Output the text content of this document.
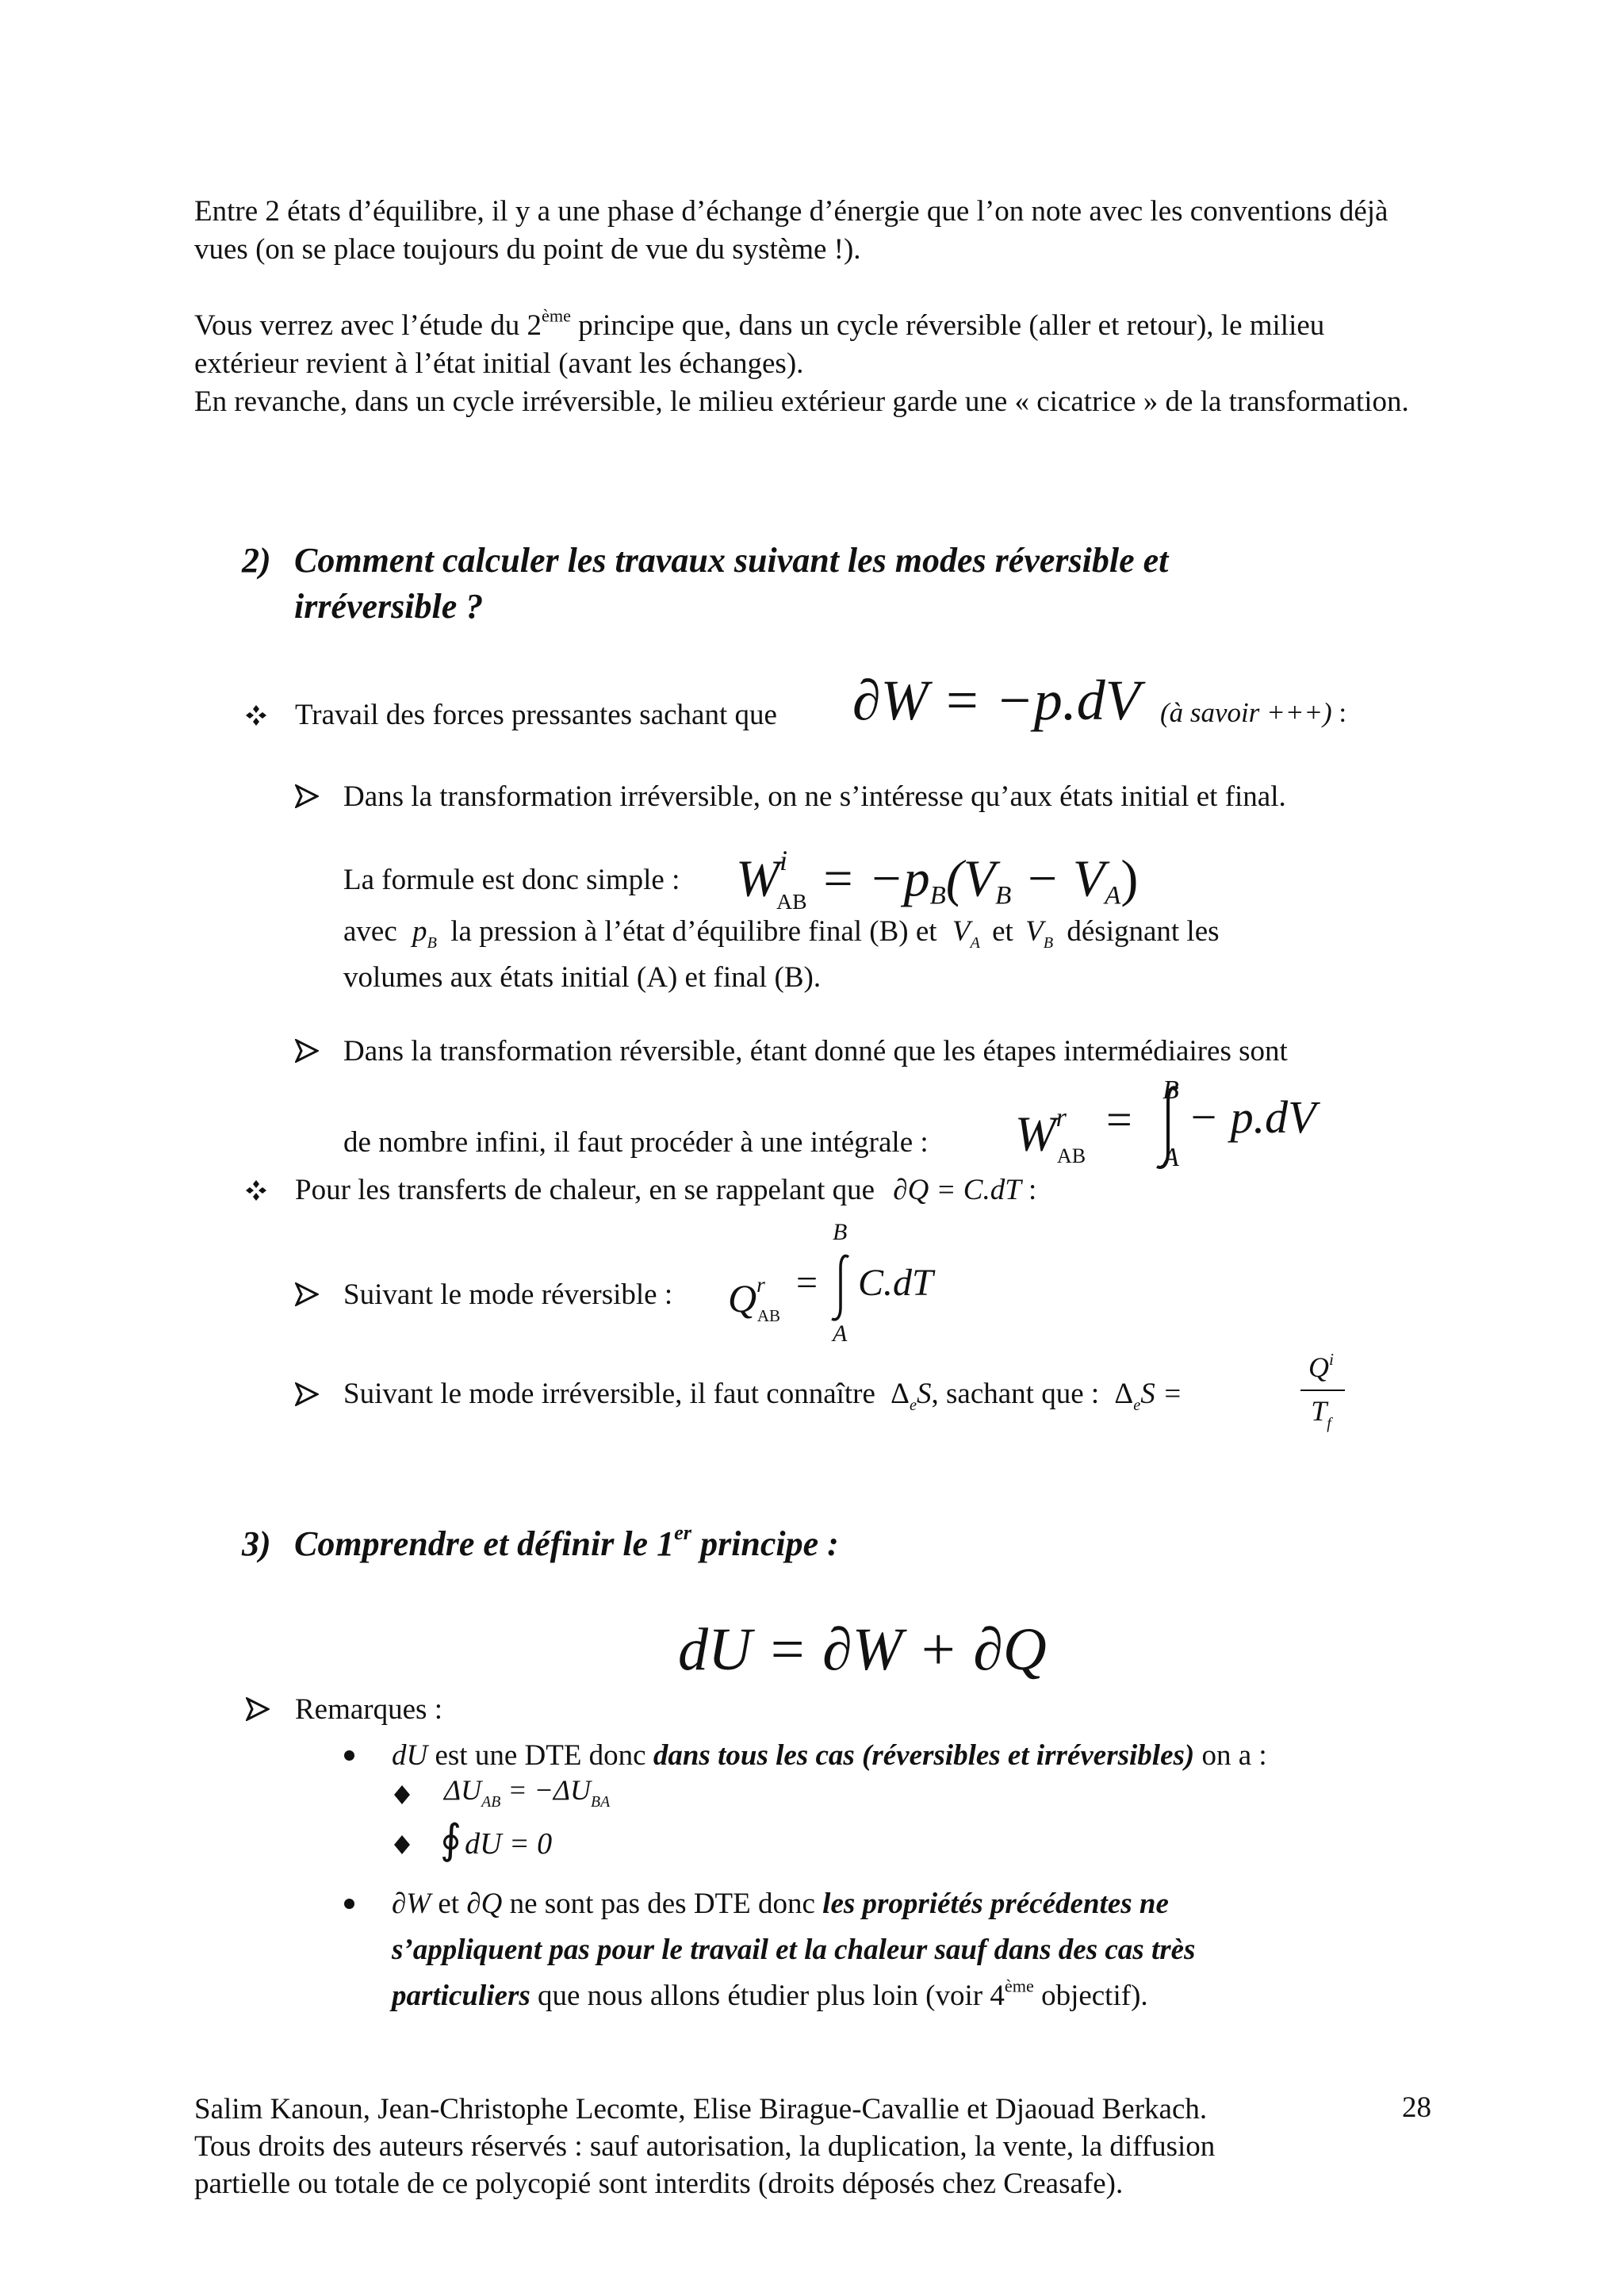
Entre 2 états d’équilibre, il y a une phase d’échange d’énergie que l’on note avec les conventions déjà vues (on se place toujours du point de vue du système !).
Vous verrez avec l’étude du 2ème principe que, dans un cycle réversible (aller et retour), le milieu extérieur revient à l’état initial (avant les échanges).
En revanche, dans un cycle irréversible, le milieu extérieur garde une « cicatrice » de la transformation.
2) Comment calculer les travaux suivant les modes réversible et
irréversible ?
Travail des forces pressantes sachant que ∂W = −p.dV (à savoir +++) :
Dans la transformation irréversible, on ne s’intéresse qu’aux états initial et final.
La formule est donc simple : $W^i_{AB} = -pB(VB - VA)$
avec $p_B$ la pression à l’état d’équilibre final (B) et $V_A$ et $V_B$ désignant les
volumes aux états initial (A) et final (B).
Dans la transformation réversible, étant donné que les étapes intermédiaires sont
de nombre infini, il faut procéder à une intégrale : $W^r_{AB}$
=
B
A
− p.dV
Pour les transferts de chaleur, en se rappelant que ∂Q = C.dT :
Suivant le mode réversible : $Q^r_{AB}$
=
B
A
C.dT
Suivant le mode irréversible, il faut connaître $\Delta_eS$, sachant que : $\Delta_eS$ =
$Q^i$
$T_f$
3) Comprendre et définir le 1er principe :
dU = ∂W + ∂Q
Remarques :
dU est une DTE donc dans tous les cas (réversibles et irréversibles) on a :
$\Delta U_{AB} = -\Delta U_{BA}$
∮ dU = 0
∂W et ∂Q ne sont pas des DTE donc les propriétés précédentes ne
s’appliquent pas pour le travail et la chaleur sauf dans des cas très
particuliers que nous allons étudier plus loin (voir 4ème objectif).
Salim Kanoun, Jean-Christophe Lecomte, Elise Birague-Cavallie et Djaouad Berkach.
Tous droits des auteurs réservés : sauf autorisation, la duplication, la vente, la diffusion
partielle ou totale de ce polycopié sont interdits (droits déposés chez Creasafe).
28
